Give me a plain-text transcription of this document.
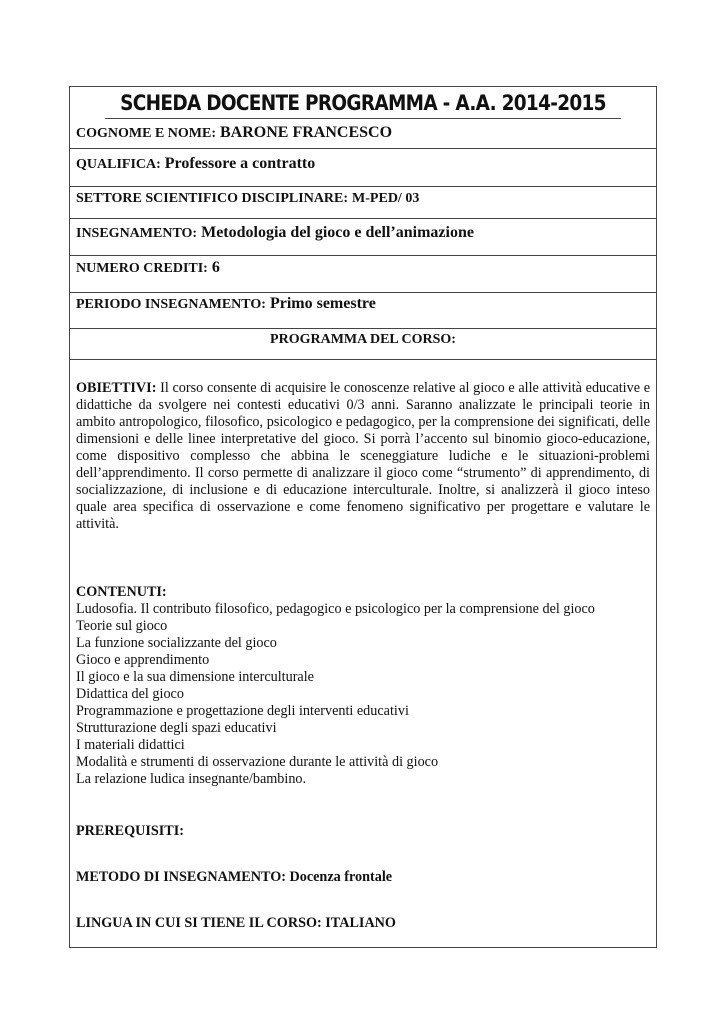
SCHEDA DOCENTE PROGRAMMA - A.A. 2014-2015
COGNOME E NOME: BARONE FRANCESCO
QUALIFICA: Professore a contratto
SETTORE SCIENTIFICO DISCIPLINARE: M-PED/ 03
INSEGNAMENTO: Metodologia del gioco e dell’animazione
NUMERO CREDITI: 6
PERIODO INSEGNAMENTO: Primo semestre
PROGRAMMA DEL CORSO:

OBIETTIVI: Il corso consente di acquisire le conoscenze relative al gioco e alle attività educative e didattiche da svolgere nei contesti educativi 0/3 anni. Saranno analizzate le principali teorie in ambito antropologico, filosofico, psicologico e pedagogico, per la comprensione dei significati, delle dimensioni e delle linee interpretative del gioco. Si porrà l’accento sul binomio gioco-educazione, come dispositivo complesso che abbina le sceneggiature ludiche e le situazioni-problemi dell’apprendimento. Il corso permette di analizzare il gioco come “strumento” di apprendimento, di socializzazione, di inclusione e di educazione interculturale. Inoltre, si analizzerà il gioco inteso quale area specifica di osservazione e come fenomeno significativo per progettare e valutare le attività.

CONTENUTI:

Ludosofia. Il contributo filosofico, pedagogico e psicologico per la comprensione del gioco
Teorie sul gioco
La funzione socializzante del gioco
Gioco e apprendimento
Il gioco e la sua dimensione interculturale
Didattica del gioco
Programmazione e progettazione degli interventi educativi
Strutturazione degli spazi educativi
I materiali didattici
Modalità e strumenti di osservazione durante le attività di gioco
La relazione ludica insegnante/bambino.

PREREQUISITI:

METODO DI INSEGNAMENTO: Docenza frontale

LINGUA IN CUI SI TIENE IL CORSO: ITALIANO
